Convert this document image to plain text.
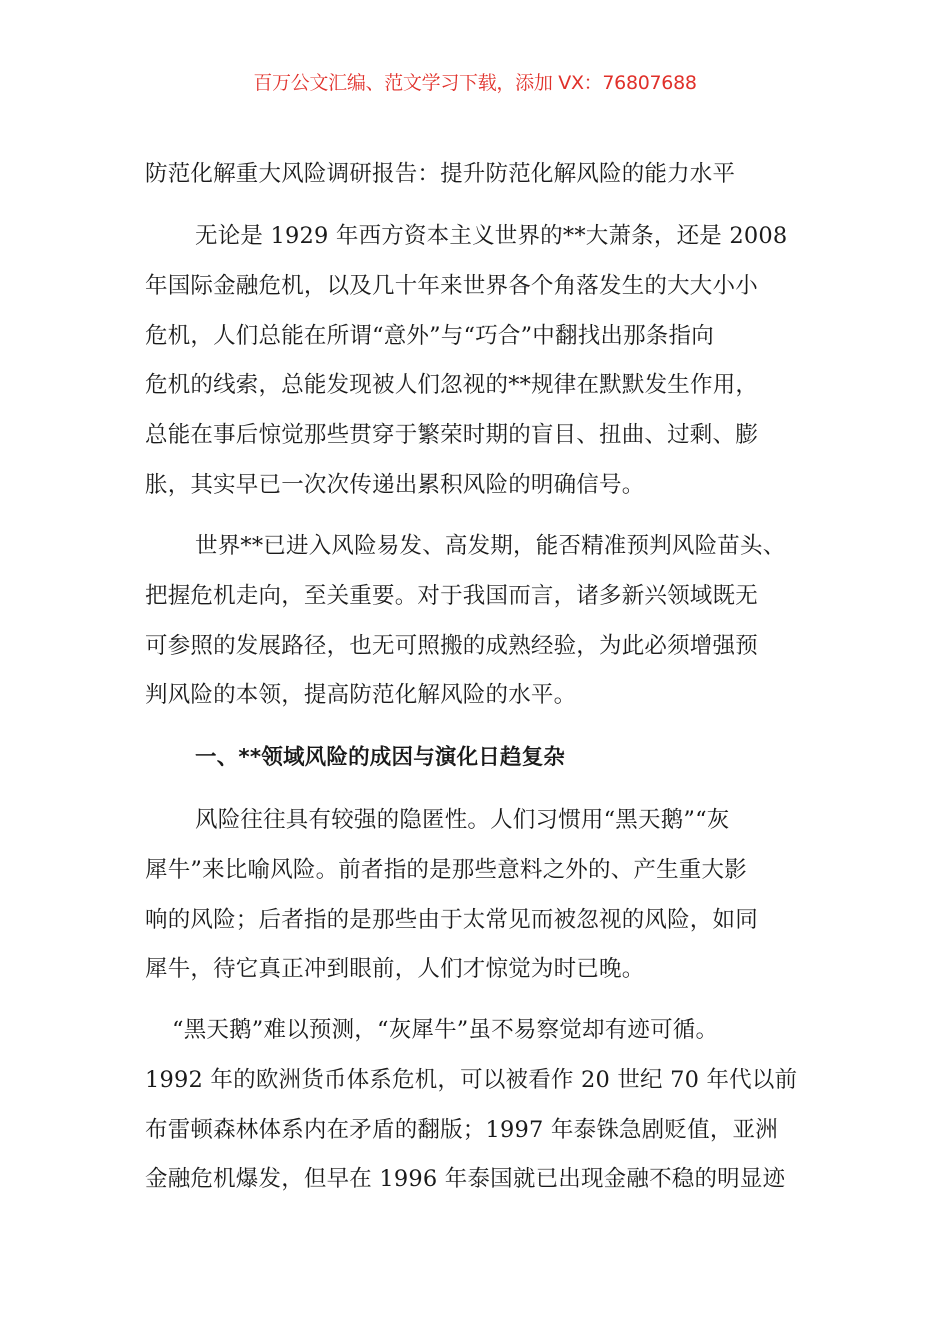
百万公文汇编、范文学习下载，添加 VX：76807688
防范化解重大风险调研报告：提升防范化解风险的能力水平
无论是 1929 年西方资本主义世界的**大萧条，还是 2008
年国际金融危机，以及几十年来世界各个角落发生的大大小小
危机，人们总能在所谓“意外”与“巧合”中翻找出那条指向
危机的线索，总能发现被人们忽视的**规律在默默发生作用，
总能在事后惊觉那些贯穿于繁荣时期的盲目、扭曲、过剩、膨
胀，其实早已一次次传递出累积风险的明确信号。
世界**已进入风险易发、高发期，能否精准预判风险苗头、
把握危机走向，至关重要。对于我国而言，诸多新兴领域既无
可参照的发展路径，也无可照搬的成熟经验，为此必须增强预
判风险的本领，提高防范化解风险的水平。
一、**领域风险的成因与演化日趋复杂
风险往往具有较强的隐匿性。人们习惯用“黑天鹅”“灰
犀牛”来比喻风险。前者指的是那些意料之外的、产生重大影
响的风险；后者指的是那些由于太常见而被忽视的风险，如同
犀牛，待它真正冲到眼前，人们才惊觉为时已晚。
“黑天鹅”难以预测，“灰犀牛”虽不易察觉却有迹可循。
1992 年的欧洲货币体系危机，可以被看作 20 世纪 70 年代以前
布雷顿森林体系内在矛盾的翻版；1997 年泰铢急剧贬值，亚洲
金融危机爆发，但早在 1996 年泰国就已出现金融不稳的明显迹
